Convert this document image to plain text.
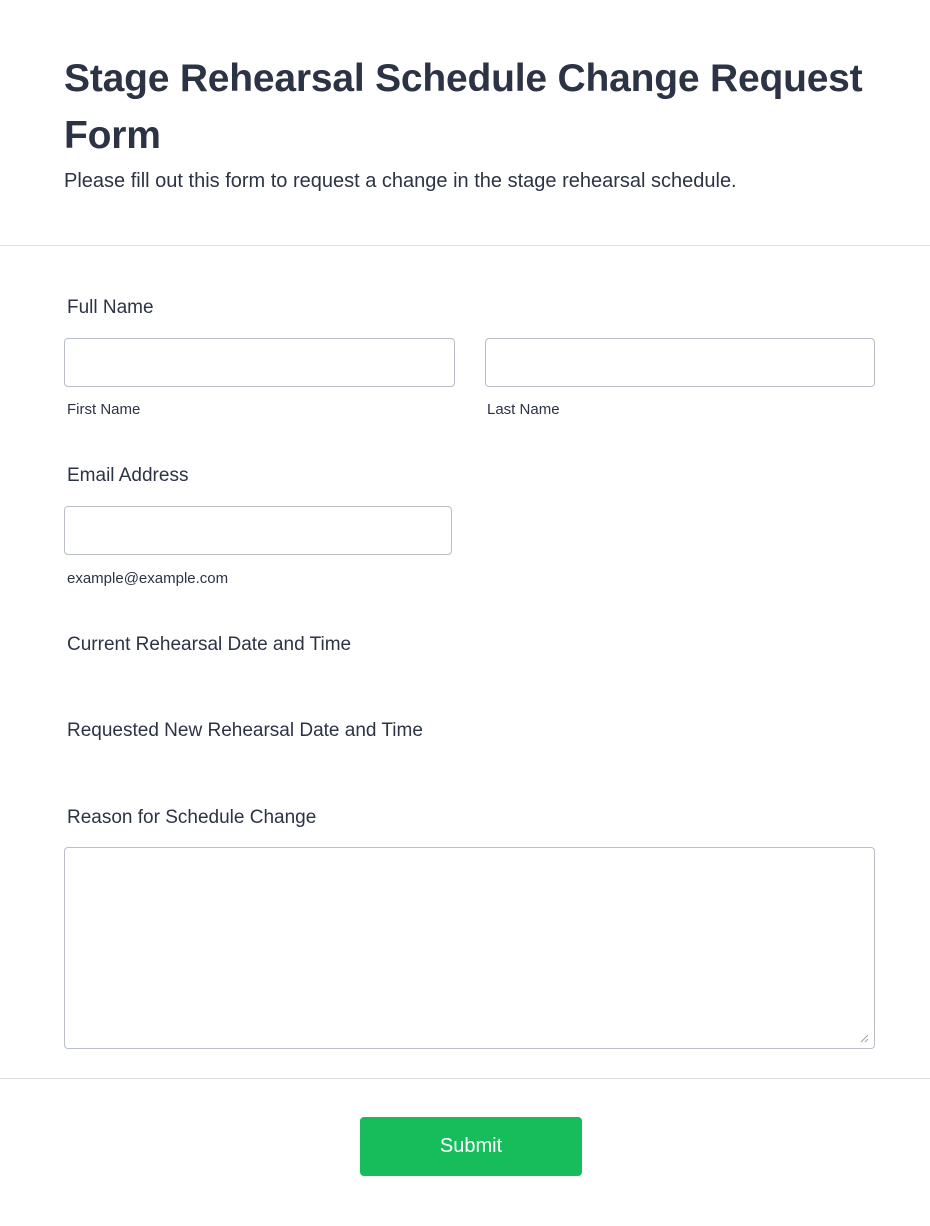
Stage Rehearsal Schedule Change Request Form

Please fill out this form to request a change in the stage rehearsal schedule.

Full Name
First Name	Last Name
Email Address
example@example.com
Current Rehearsal Date and Time
Requested New Rehearsal Date and Time
Reason for Schedule Change
Submit
